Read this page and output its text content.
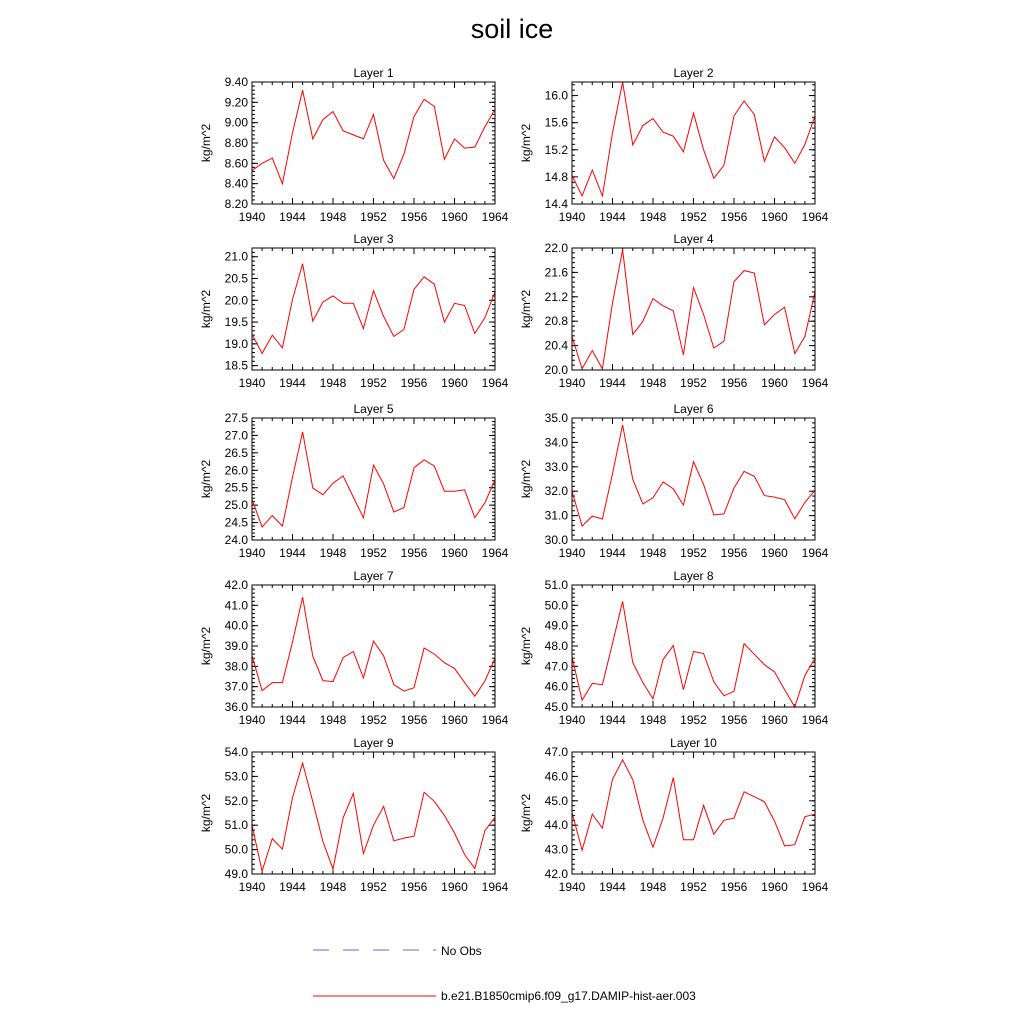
soil ice
Layer 1
kg/m^2
1940 1944 1948 1952 1956 1960 1964
8.20
8.40
8.60
8.80
9.00
9.20
9.40
Layer 2
kg/m^2
1940 1944 1948 1952 1956 1960 1964
14.4
14.8
15.2
15.6
16.0
Layer 3
kg/m^2
1940 1944 1948 1952 1956 1960 1964
18.5
19.0
19.5
20.0
20.5
21.0
Layer 4
kg/m^2
1940 1944 1948 1952 1956 1960 1964
20.0
20.4
20.8
21.2
21.6
22.0
Layer 5
kg/m^2
1940 1944 1948 1952 1956 1960 1964
24.0
24.5
25.0
25.5
26.0
26.5
27.0
27.5
Layer 6
kg/m^2
1940 1944 1948 1952 1956 1960 1964
30.0
31.0
32.0
33.0
34.0
35.0
Layer 7
kg/m^2
1940 1944 1948 1952 1956 1960 1964
36.0
37.0
38.0
39.0
40.0
41.0
42.0
Layer 8
kg/m^2
1940 1944 1948 1952 1956 1960 1964
45.0
46.0
47.0
48.0
49.0
50.0
51.0
Layer 9
kg/m^2
1940 1944 1948 1952 1956 1960 1964
49.0
50.0
51.0
52.0
53.0
54.0
Layer 10
kg/m^2
1940 1944 1948 1952 1956 1960 1964
42.0
43.0
44.0
45.0
46.0
47.0
No Obs
b.e21.B1850cmip6.f09_g17.DAMIP-hist-aer.003
